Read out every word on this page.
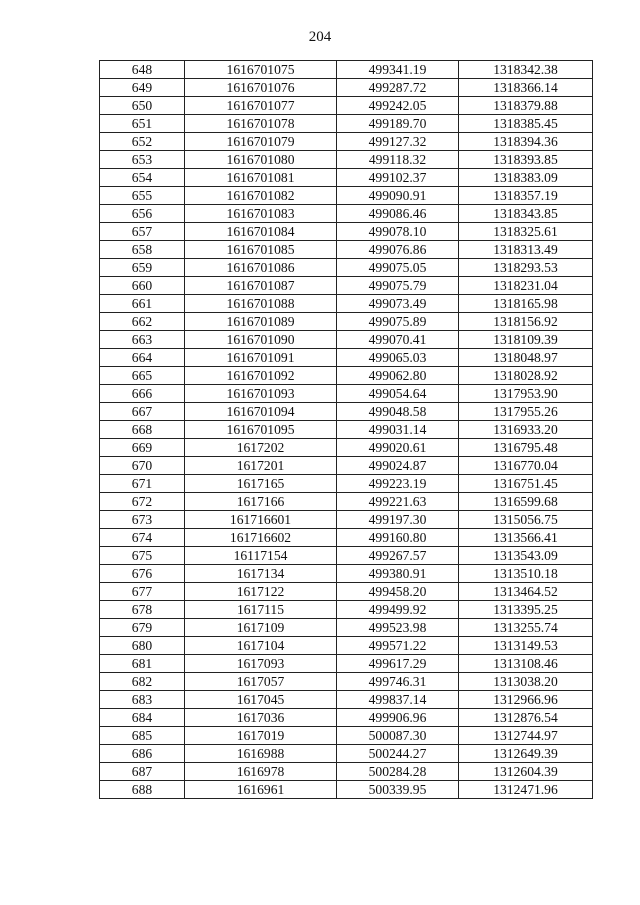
204
648	1616701075	499341.19	1318342.38
649	1616701076	499287.72	1318366.14
650	1616701077	499242.05	1318379.88
651	1616701078	499189.70	1318385.45
652	1616701079	499127.32	1318394.36
653	1616701080	499118.32	1318393.85
654	1616701081	499102.37	1318383.09
655	1616701082	499090.91	1318357.19
656	1616701083	499086.46	1318343.85
657	1616701084	499078.10	1318325.61
658	1616701085	499076.86	1318313.49
659	1616701086	499075.05	1318293.53
660	1616701087	499075.79	1318231.04
661	1616701088	499073.49	1318165.98
662	1616701089	499075.89	1318156.92
663	1616701090	499070.41	1318109.39
664	1616701091	499065.03	1318048.97
665	1616701092	499062.80	1318028.92
666	1616701093	499054.64	1317953.90
667	1616701094	499048.58	1317955.26
668	1616701095	499031.14	1316933.20
669	1617202	499020.61	1316795.48
670	1617201	499024.87	1316770.04
671	1617165	499223.19	1316751.45
672	1617166	499221.63	1316599.68
673	161716601	499197.30	1315056.75
674	161716602	499160.80	1313566.41
675	16117154	499267.57	1313543.09
676	1617134	499380.91	1313510.18
677	1617122	499458.20	1313464.52
678	1617115	499499.92	1313395.25
679	1617109	499523.98	1313255.74
680	1617104	499571.22	1313149.53
681	1617093	499617.29	1313108.46
682	1617057	499746.31	1313038.20
683	1617045	499837.14	1312966.96
684	1617036	499906.96	1312876.54
685	1617019	500087.30	1312744.97
686	1616988	500244.27	1312649.39
687	1616978	500284.28	1312604.39
688	1616961	500339.95	1312471.96
